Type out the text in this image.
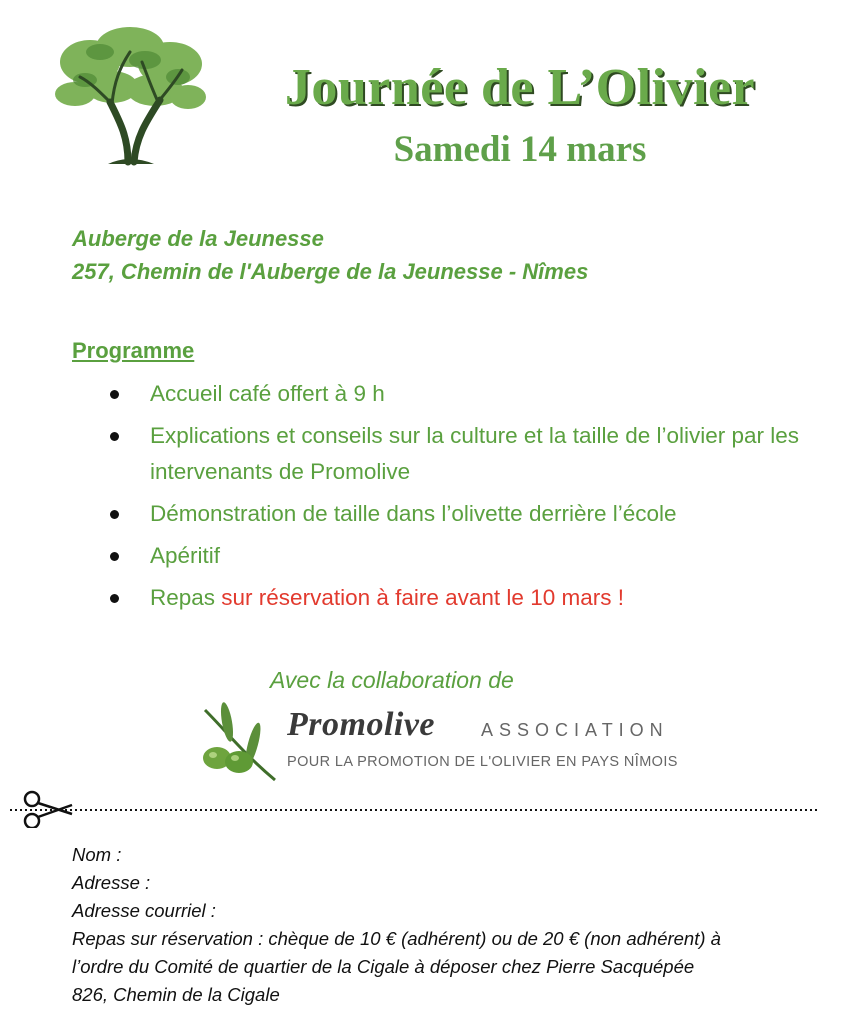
Journée de L’Olivier
Samedi 14 mars
Auberge de la Jeunesse
257, Chemin de l'Auberge de la Jeunesse - Nîmes
Programme
Accueil café offert à 9 h
Explications et conseils sur la culture et la taille de l’olivier par les intervenants de Promolive
Démonstration de taille dans l’olivette derrière l’école
Apéritif
Repas sur réservation à faire avant le 10 mars !
Avec la collaboration de
Promolive	ASSOCIATION
POUR LA PROMOTION DE L'OLIVIER EN PAYS NÎMOIS
Nom :
Adresse :
Adresse courriel :
Repas sur réservation : chèque de 10 € (adhérent) ou de 20 € (non adhérent) à
l’ordre du Comité de quartier de la Cigale à déposer chez Pierre Sacquépée
826, Chemin de la Cigale
